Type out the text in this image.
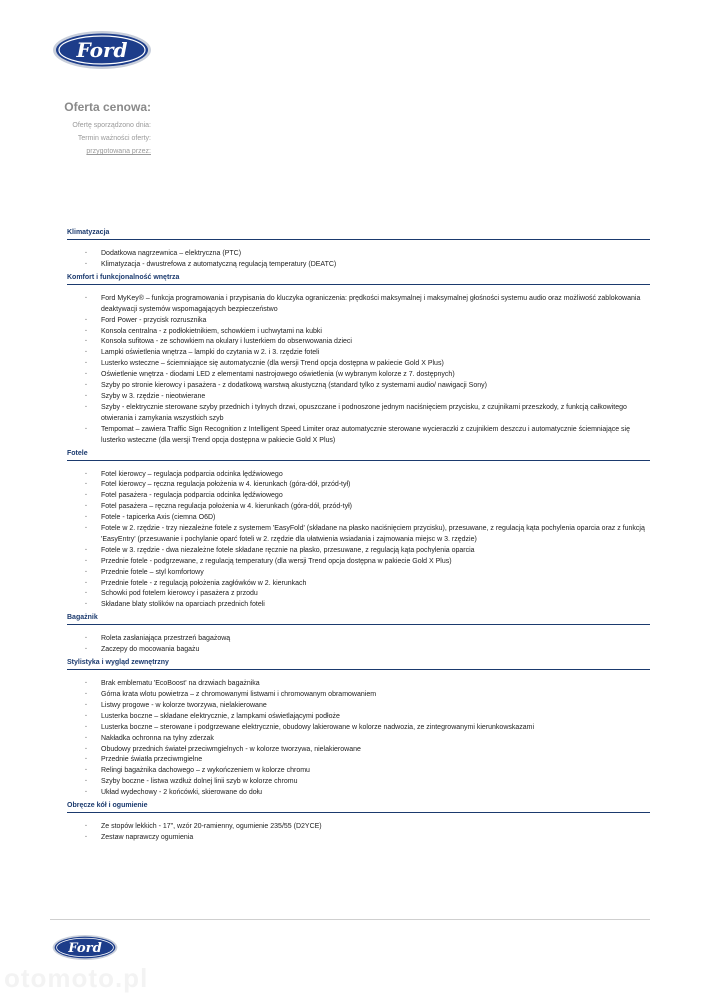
Ford
Oferta cenowa:
Ofertę sporządzono dnia:
Termin ważności oferty:
przygotowana przez:
Klimatyzacja
· Dodatkowa nagrzewnica – elektryczna (PTC)
· Klimatyzacja - dwustrefowa z automatyczną regulacją temperatury (DEATC)
Komfort i funkcjonalność wnętrza
· Ford MyKey® – funkcja programowania i przypisania do kluczyka ograniczenia: prędkości maksymalnej i maksymalnej głośności systemu audio oraz możliwość zablokowania deaktywacji systemów wspomagających bezpieczeństwo
· Ford Power - przycisk rozrusznika
· Konsola centralna - z podłokietnikiem, schowkiem i uchwytami na kubki
· Konsola sufitowa - ze schowkiem na okulary i lusterkiem do obserwowania dzieci
· Lampki oświetlenia wnętrza – lampki do czytania w 2. i 3. rzędzie foteli
· Lusterko wsteczne – ściemniające się automatycznie (dla wersji Trend opcja dostępna w pakiecie Gold X Plus)
· Oświetlenie wnętrza - diodami LED z elementami nastrojowego oświetlenia (w wybranym kolorze z 7. dostępnych)
· Szyby po stronie kierowcy i pasażera - z dodatkową warstwą akustyczną (standard tylko z systemami audio/ nawigacji Sony)
· Szyby w 3. rzędzie - nieotwierane
· Szyby - elektrycznie sterowane szyby przednich i tylnych drzwi, opuszczane i podnoszone jednym naciśnięciem przycisku, z czujnikami przeszkody, z funkcją całkowitego otwierania i zamykania wszystkich szyb
· Tempomat – zawiera Traffic Sign Recognition z Intelligent Speed Limiter oraz automatycznie sterowane wycieraczki z czujnikiem deszczu i automatycznie ściemniające się lusterko wsteczne (dla wersji Trend opcja dostępna w pakiecie Gold X Plus)
Fotele
· Fotel kierowcy – regulacja podparcia odcinka lędźwiowego
· Fotel kierowcy – ręczna regulacja położenia w 4. kierunkach (góra-dół, przód-tył)
· Fotel pasażera - regulacja podparcia odcinka lędźwiowego
· Fotel pasażera – ręczna regulacja położenia w 4. kierunkach (góra-dół, przód-tył)
· Fotele - tapicerka Axis (ciemna O6D)
· Fotele w 2. rzędzie - trzy niezależne fotele z systemem 'EasyFold' (składane na płasko naciśnięciem przycisku), przesuwane, z regulacją kąta pochylenia oparcia oraz z funkcją 'EasyEntry' (przesuwanie i pochylanie oparć foteli w 2. rzędzie dla ułatwienia wsiadania i zajmowania miejsc w 3. rzędzie)
· Fotele w 3. rzędzie - dwa niezależne fotele składane ręcznie na płasko, przesuwane, z regulacją kąta pochylenia oparcia
· Przednie fotele - podgrzewane, z regulacją temperatury (dla wersji Trend opcja dostępna w pakiecie Gold X Plus)
· Przednie fotele – styl komfortowy
· Przednie fotele - z regulacją położenia zagłówków w 2. kierunkach
· Schowki pod fotelem kierowcy i pasażera z przodu
· Składane blaty stolików na oparciach przednich foteli
Bagażnik
· Roleta zasłaniająca przestrzeń bagażową
· Zaczepy do mocowania bagażu
Stylistyka i wygląd zewnętrzny
· Brak emblematu 'EcoBoost' na drzwiach bagażnika
· Górna krata wlotu powietrza – z chromowanymi listwami i chromowanym obramowaniem
· Listwy progowe - w kolorze tworzywa, nielakierowane
· Lusterka boczne – składane elektrycznie, z lampkami oświetlającymi podłoże
· Lusterka boczne – sterowane i podgrzewane elektrycznie, obudowy lakierowane w kolorze nadwozia, ze zintegrowanymi kierunkowskazami
· Nakładka ochronna na tylny zderzak
· Obudowy przednich świateł przeciwmgielnych - w kolorze tworzywa, nielakierowane
· Przednie światła przeciwmgielne
· Relingi bagażnika dachowego – z wykończeniem w kolorze chromu
· Szyby boczne - listwa wzdłuż dolnej linii szyb w kolorze chromu
· Układ wydechowy - 2 końcówki, skierowane do dołu
Obręcze kół i ogumienie
· Ze stopów lekkich - 17", wzór 20-ramienny, ogumienie 235/55 (D2YCE)
· Zestaw naprawczy ogumienia
Ford
otomoto.pl
